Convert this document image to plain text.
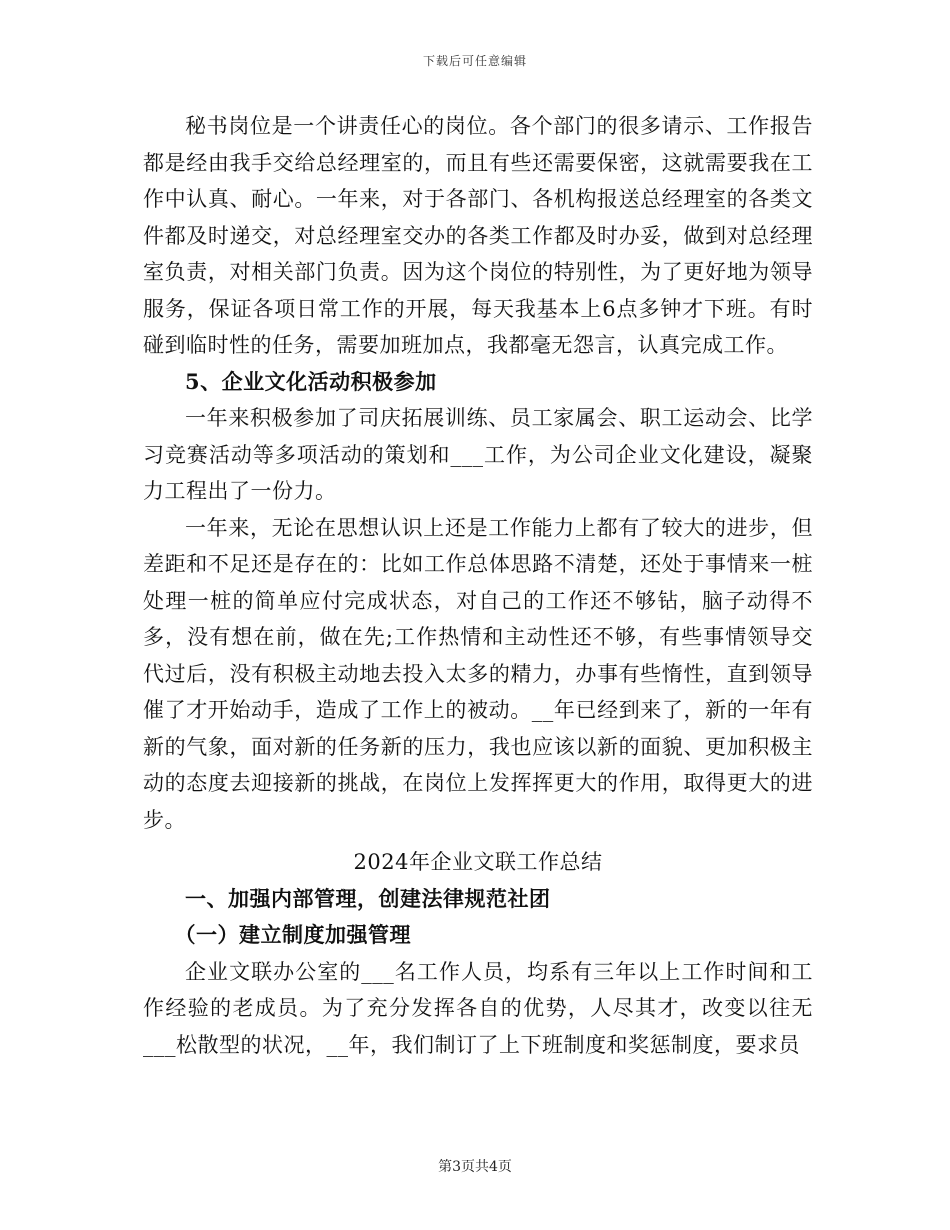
下载后可任意编辑

秘书岗位是一个讲责任心的岗位。各个部门的很多请示、工作报告都是经由我手交给总经理室的，而且有些还需要保密，这就需要我在工作中认真、耐心。一年来，对于各部门、各机构报送总经理室的各类文件都及时递交，对总经理室交办的各类工作都及时办妥，做到对总经理室负责，对相关部门负责。因为这个岗位的特别性，为了更好地为领导服务，保证各项日常工作的开展，每天我基本上6点多钟才下班。有时碰到临时性的任务，需要加班加点，我都毫无怨言，认真完成工作。

5、企业文化活动积极参加

一年来积极参加了司庆拓展训练、员工家属会、职工运动会、比学习竞赛活动等多项活动的策划和___工作，为公司企业文化建设，凝聚力工程出了一份力。

一年来，无论在思想认识上还是工作能力上都有了较大的进步，但差距和不足还是存在的：比如工作总体思路不清楚，还处于事情来一桩处理一桩的简单应付完成状态，对自己的工作还不够钻，脑子动得不多，没有想在前，做在先;工作热情和主动性还不够，有些事情领导交代过后，没有积极主动地去投入太多的精力，办事有些惰性，直到领导催了才开始动手，造成了工作上的被动。__年已经到来了，新的一年有新的气象，面对新的任务新的压力，我也应该以新的面貌、更加积极主动的态度去迎接新的挑战，在岗位上发挥挥更大的作用，取得更大的进步。

2024年企业文联工作总结

一、加强内部管理，创建法律规范社团

（一）建立制度加强管理

企业文联办公室的___名工作人员，均系有三年以上工作时间和工作经验的老成员。为了充分发挥各自的优势，人尽其才，改变以往无___松散型的状况，__年，我们制订了上下班制度和奖惩制度，要求员

第3页共4页
